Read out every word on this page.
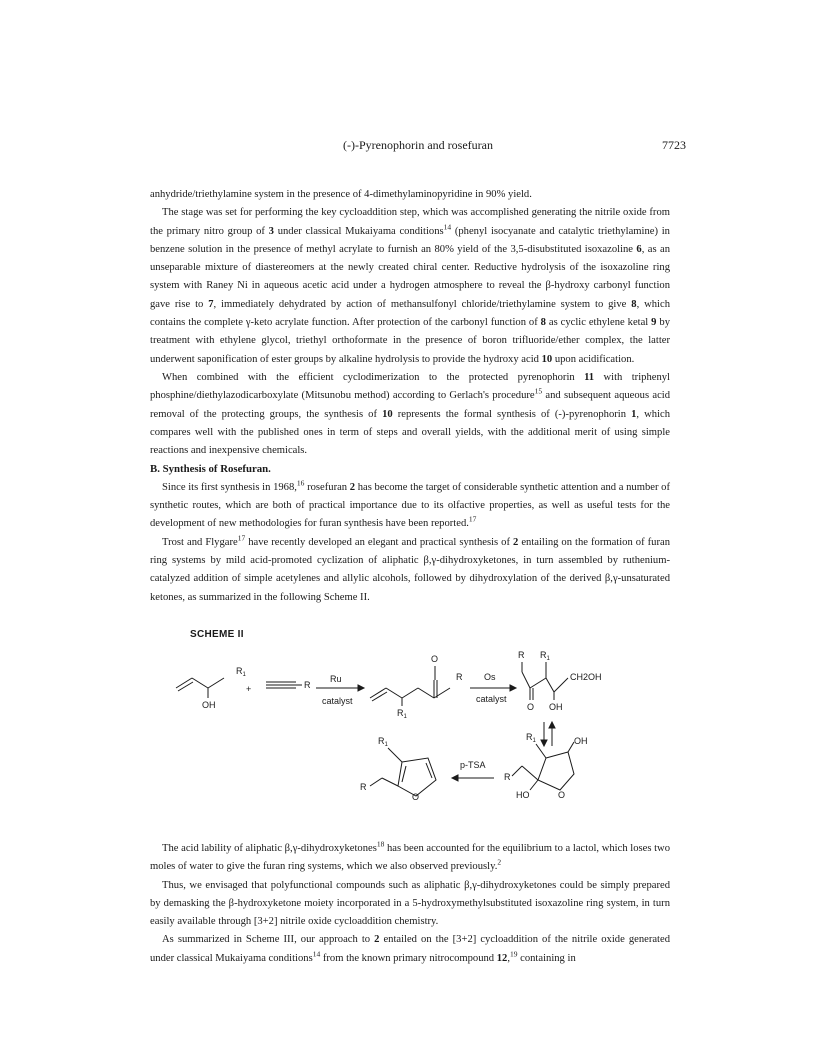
(-)-Pyrenophorin and rosefuran	7723

anhydride/triethylamine system in the presence of 4-dimethylaminopyridine in 90% yield.

The stage was set for performing the key cycloaddition step, which was accomplished generating the nitrile oxide from the primary nitro group of 3 under classical Mukaiyama conditions$^{14}$ (phenyl isocyanate and catalytic triethylamine) in benzene solution in the presence of methyl acrylate to furnish an 80% yield of the 3,5-disubstituted isoxazoline 6, as an unseparable mixture of diastereomers at the newly created chiral center. Reductive hydrolysis of the isoxazoline ring system with Raney Ni in aqueous acetic acid under a hydrogen atmosphere to reveal the β-hydroxy carbonyl function gave rise to 7, immediately dehydrated by action of methansulfonyl chloride/triethylamine system to give 8, which contains the complete γ-keto acrylate function. After protection of the carbonyl function of 8 as cyclic ethylene ketal 9 by treatment with ethylene glycol, triethyl orthoformate in the presence of boron trifluoride/ether complex, the latter underwent saponification of ester groups by alkaline hydrolysis to provide the hydroxy acid 10 upon acidification.

When combined with the efficient cyclodimerization to the protected pyrenophorin 11 with triphenyl phosphine/diethylazodicarboxylate (Mitsunobu method) according to Gerlach's procedure$^{15}$ and subsequent aqueous acid removal of the protecting groups, the synthesis of 10 represents the formal synthesis of (-)-pyrenophorin 1, which compares well with the published ones in term of steps and overall yields, with the additional merit of using simple reactions and inexpensive chemicals.

B. Synthesis of Rosefuran.

Since its first synthesis in 1968,16 rosefuran 2 has become the target of considerable synthetic attention and a number of synthetic routes, which are both of practical importance due to its olfactive properties, as well as useful tests for the development of new methodologies for furan synthesis have been reported.$^{17}$

Trost and Flygare$^{17}$ have recently developed an elegant and practical synthesis of 2 entailing on the formation of furan ring systems by mild acid-promoted cyclization of aliphatic β,γ-dihydroxyketones, in turn assembled by ruthenium-catalyzed addition of simple acetylenes and allylic alcohols, followed by dihydroxylation of the derived β,γ-unsaturated ketones, as summarized in the following Scheme II.

SCHEME II
$R_1$
OH
+	R
Ru
catalyst
O
R
$R_1$
Os
catalyst
R $R_1$
O OH
CH2OH
$R_1$	OH
O
R
HO
p-TSA
$R_1$
O
R

The acid lability of aliphatic β,γ-dihydroxyketones$^{18}$ has been accounted for the equilibrium to a lactol, which loses two moles of water to give the furan ring systems, which we also observed previously.$^2$

Thus, we envisaged that polyfunctional compounds such as aliphatic β,γ-dihydroxyketones could be simply prepared by demasking the β-hydroxyketone moiety incorporated in a 5-hydroxymethylsubstituted isoxazoline ring system, in turn easily available through [3+2] nitrile oxide cycloaddition chemistry.

As summarized in Scheme III, our approach to 2 entailed on the [3+2] cycloaddition of the nitrile oxide generated under classical Mukaiyama conditions$^{14}$ from the known primary nitrocompound 12,19 containing in
